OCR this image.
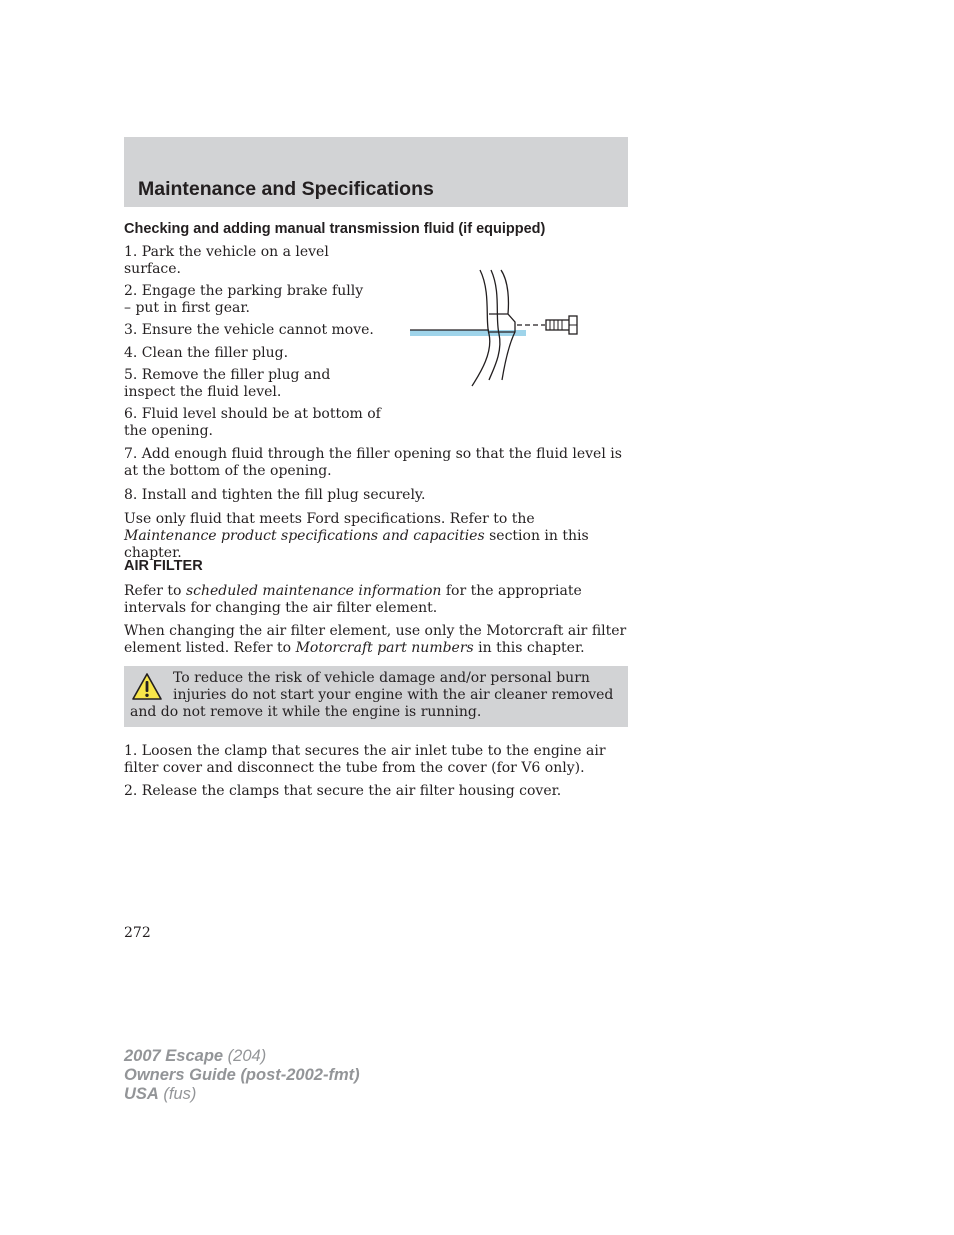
Maintenance and Specifications
Checking and adding manual transmission fluid (if equipped)

1. Park the vehicle on a level surface.

2. Engage the parking brake fully – put in first gear.

3. Ensure the vehicle cannot move.

4. Clean the filler plug.

5. Remove the filler plug and inspect the fluid level.

6. Fluid level should be at bottom of the opening.

7. Add enough fluid through the filler opening so that the fluid level is at the bottom of the opening.

8. Install and tighten the fill plug securely.

Use only fluid that meets Ford specifications. Refer to the Maintenance product specifications and capacities section in this chapter.

AIR FILTER

Refer to scheduled maintenance information for the appropriate intervals for changing the air filter element.

When changing the air filter element, use only the Motorcraft air filter element listed. Refer to Motorcraft part numbers in this chapter.

To reduce the risk of vehicle damage and/or personal burn injuries do not start your engine with the air cleaner removed and do not remove it while the engine is running.

1. Loosen the clamp that secures the air inlet tube to the engine air filter cover and disconnect the tube from the cover (for V6 only).

2. Release the clamps that secure the air filter housing cover.

272

2007 Escape (204)
Owners Guide (post-2002-fmt)
USA (fus)
